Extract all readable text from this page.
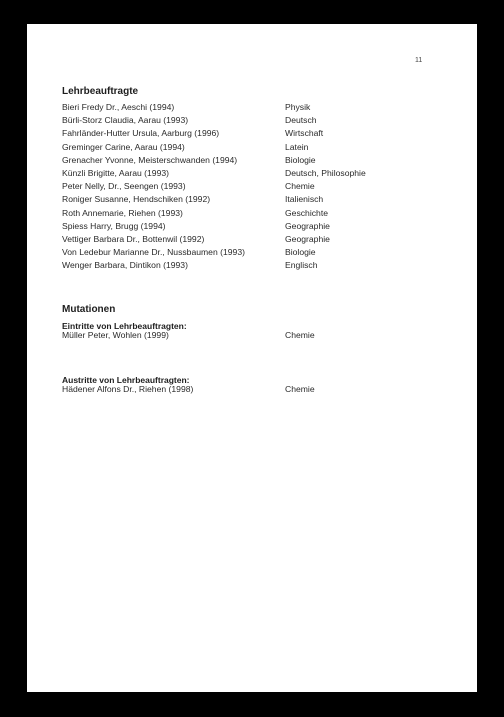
11
Lehrbeauftragte
Bieri Fredy Dr., Aeschi (1994)	Physik
Bürli-Storz Claudia, Aarau (1993)	Deutsch
Fahrländer-Hutter Ursula, Aarburg (1996)	Wirtschaft
Greminger Carine, Aarau (1994)	Latein
Grenacher Yvonne, Meisterschwanden (1994)	Biologie
Künzli Brigitte, Aarau (1993)	Deutsch, Philosophie
Peter Nelly, Dr., Seengen (1993)	Chemie
Roniger Susanne, Hendschiken (1992)	Italienisch
Roth Annemarie, Riehen (1993)	Geschichte
Spiess Harry, Brugg (1994)	Geographie
Vettiger Barbara Dr., Bottenwil (1992)	Geographie
Von Ledebur Marianne Dr., Nussbaumen (1993)	Biologie
Wenger Barbara, Dintikon (1993)	Englisch
Mutationen
Eintritte von Lehrbeauftragten:
Müller Peter, Wohlen (1999)	Chemie
Austritte von Lehrbeauftragten:
Hädener Alfons Dr., Riehen (1998)	Chemie
